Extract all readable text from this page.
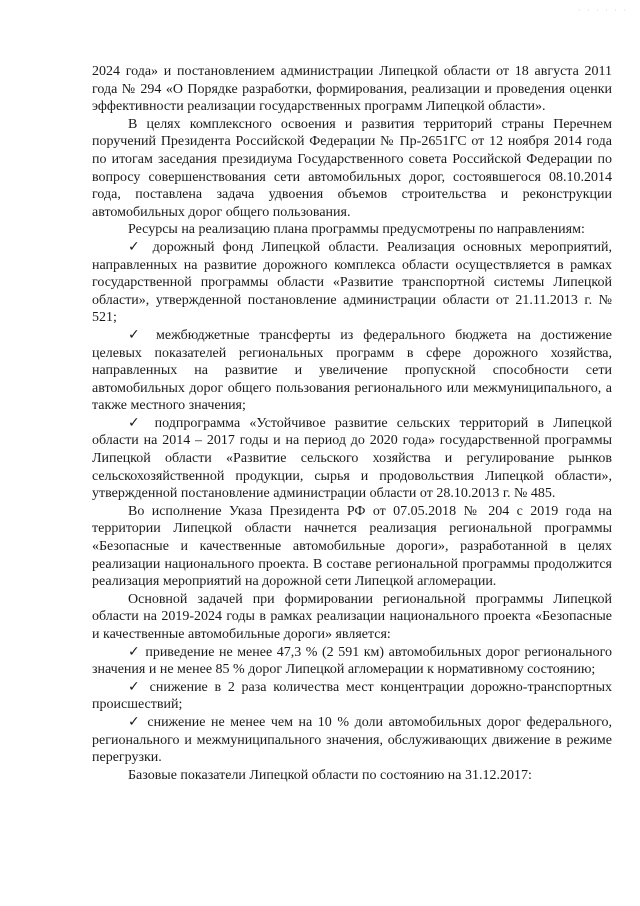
· · · · · ·

2024 года» и постановлением администрации Липецкой области от 18 августа 2011 года № 294 «О Порядке разработки, формирования, реализации и проведения оценки эффективности реализации государственных программ Липецкой области».

В целях комплексного освоения и развития территорий страны Перечнем поручений Президента Российской Федерации № Пр-2651ГС от 12 ноября 2014 года по итогам заседания президиума Государственного совета Российской Федерации по вопросу совершенствования сети автомобильных дорог, состоявшегося 08.10.2014 года, поставлена задача удвоения объемов строительства и реконструкции автомобильных дорог общего пользования.

Ресурсы на реализацию плана программы предусмотрены по направлениям:

✓ дорожный фонд Липецкой области. Реализация основных мероприятий, направленных на развитие дорожного комплекса области осуществляется в рамках государственной программы области «Развитие транспортной системы Липецкой области», утвержденной постановление администрации области от 21.11.2013 г. № 521;

✓ межбюджетные трансферты из федерального бюджета на достижение целевых показателей региональных программ в сфере дорожного хозяйства, направленных на развитие и увеличение пропускной способности сети автомобильных дорог общего пользования регионального или межмуниципального, а также местного значения;

✓ подпрограмма «Устойчивое развитие сельских территорий в Липецкой области на 2014 – 2017 годы и на период до 2020 года» государственной программы Липецкой области «Развитие сельского хозяйства и регулирование рынков сельскохозяйственной продукции, сырья и продовольствия Липецкой области», утвержденной постановление администрации области от 28.10.2013 г. № 485.

Во исполнение Указа Президента РФ от 07.05.2018 № 204 с 2019 года на территории Липецкой области начнется реализация региональной программы «Безопасные и качественные автомобильные дороги», разработанной в целях реализации национального проекта. В составе региональной программы продолжится реализация мероприятий на дорожной сети Липецкой агломерации.

Основной задачей при формировании региональной программы Липецкой области на 2019-2024 годы в рамках реализации национального проекта «Безопасные и качественные автомобильные дороги» является:

✓ приведение не менее 47,3 % (2 591 км) автомобильных дорог регионального значения и не менее 85 % дорог Липецкой агломерации к нормативному состоянию;

✓ снижение в 2 раза количества мест концентрации дорожно-транспортных происшествий;

✓ снижение не менее чем на 10 % доли автомобильных дорог федерального, регионального и межмуниципального значения, обслуживающих движение в режиме перегрузки.

Базовые показатели Липецкой области по состоянию на 31.12.2017:
